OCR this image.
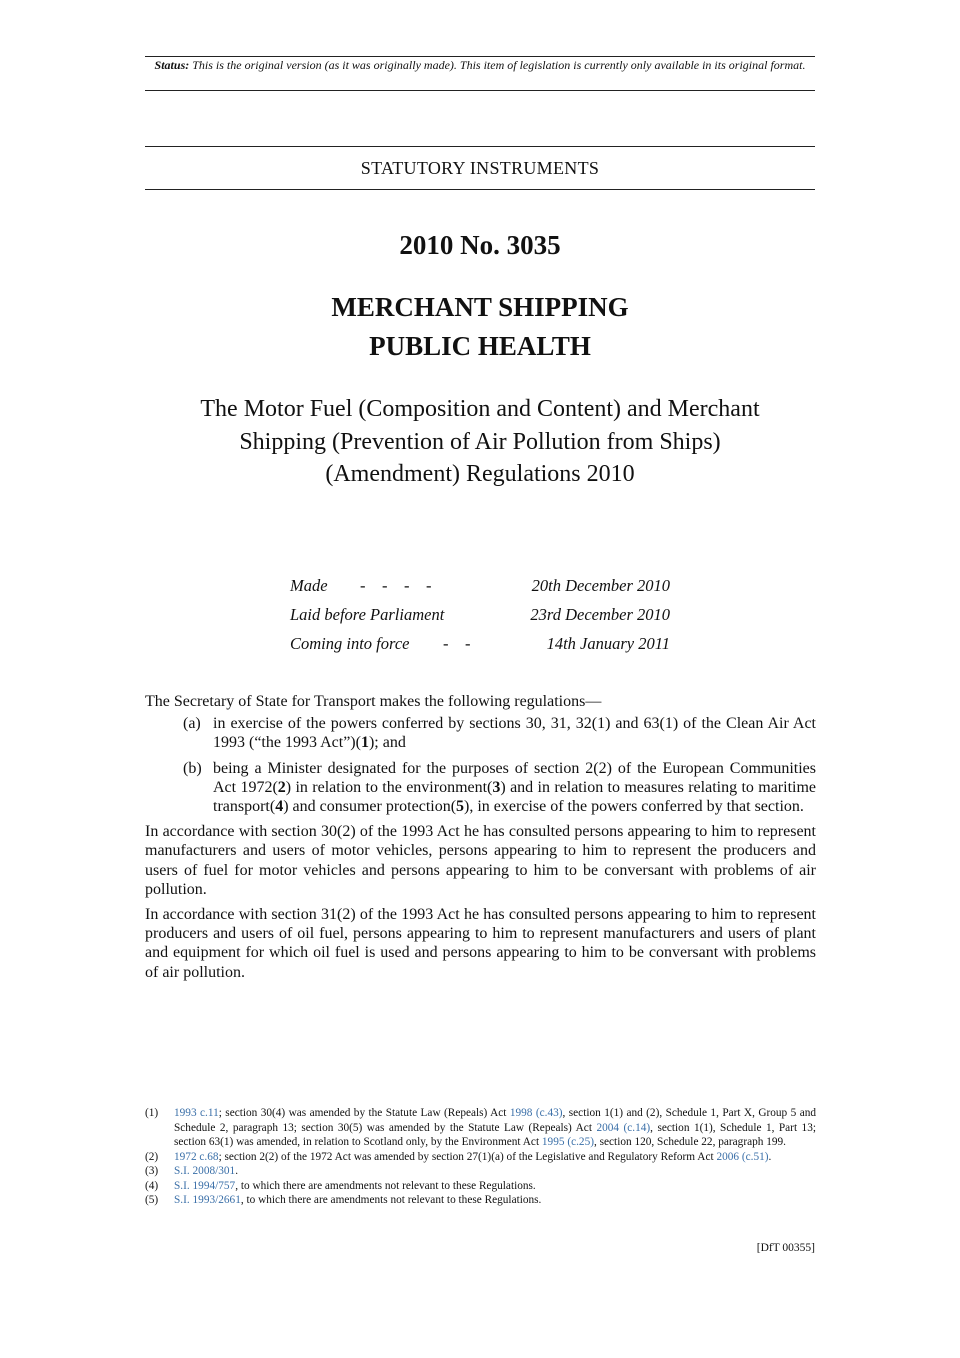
Status: This is the original version (as it was originally made). This item of legislation is currently only available in its original format.
STATUTORY INSTRUMENTS
2010 No. 3035
MERCHANT SHIPPING
PUBLIC HEALTH
The Motor Fuel (Composition and Content) and Merchant Shipping (Prevention of Air Pollution from Ships) (Amendment) Regulations 2010
Made -    -    -    -	20th December 2010
Laid before Parliament	23rd December 2010
Coming into force -    -	14th January 2011

The Secretary of State for Transport makes the following regulations—

(a) in exercise of the powers conferred by sections 30, 31, 32(1) and 63(1) of the Clean Air Act 1993 (“the 1993 Act”)(1); and
(b) being a Minister designated for the purposes of section 2(2) of the European Communities Act 1972(2) in relation to the environment(3) and in relation to measures relating to maritime transport(4) and consumer protection(5), in exercise of the powers conferred by that section.

In accordance with section 30(2) of the 1993 Act he has consulted persons appearing to him to represent manufacturers and users of motor vehicles, persons appearing to him to represent the producers and users of fuel for motor vehicles and persons appearing to him to be conversant with problems of air pollution.

In accordance with section 31(2) of the 1993 Act he has consulted persons appearing to him to represent producers and users of oil fuel, persons appearing to him to represent manufacturers and users of plant and equipment for which oil fuel is used and persons appearing to him to be conversant with problems of air pollution.

(1) 1993 c.11; section 30(4) was amended by the Statute Law (Repeals) Act 1998 (c.43), section 1(1) and (2), Schedule 1, Part X, Group 5 and Schedule 2, paragraph 13; section 30(5) was amended by the Statute Law (Repeals) Act 2004 (c.14), section 1(1), Schedule 1, Part 13; section 63(1) was amended, in relation to Scotland only, by the Environment Act 1995 (c.25), section 120, Schedule 22, paragraph 199.
(2) 1972 c.68; section 2(2) of the 1972 Act was amended by section 27(1)(a) of the Legislative and Regulatory Reform Act 2006 (c.51).
(3) S.I. 2008/301.
(4) S.I. 1994/757, to which there are amendments not relevant to these Regulations.
(5) S.I. 1993/2661, to which there are amendments not relevant to these Regulations.
[DfT 00355]
